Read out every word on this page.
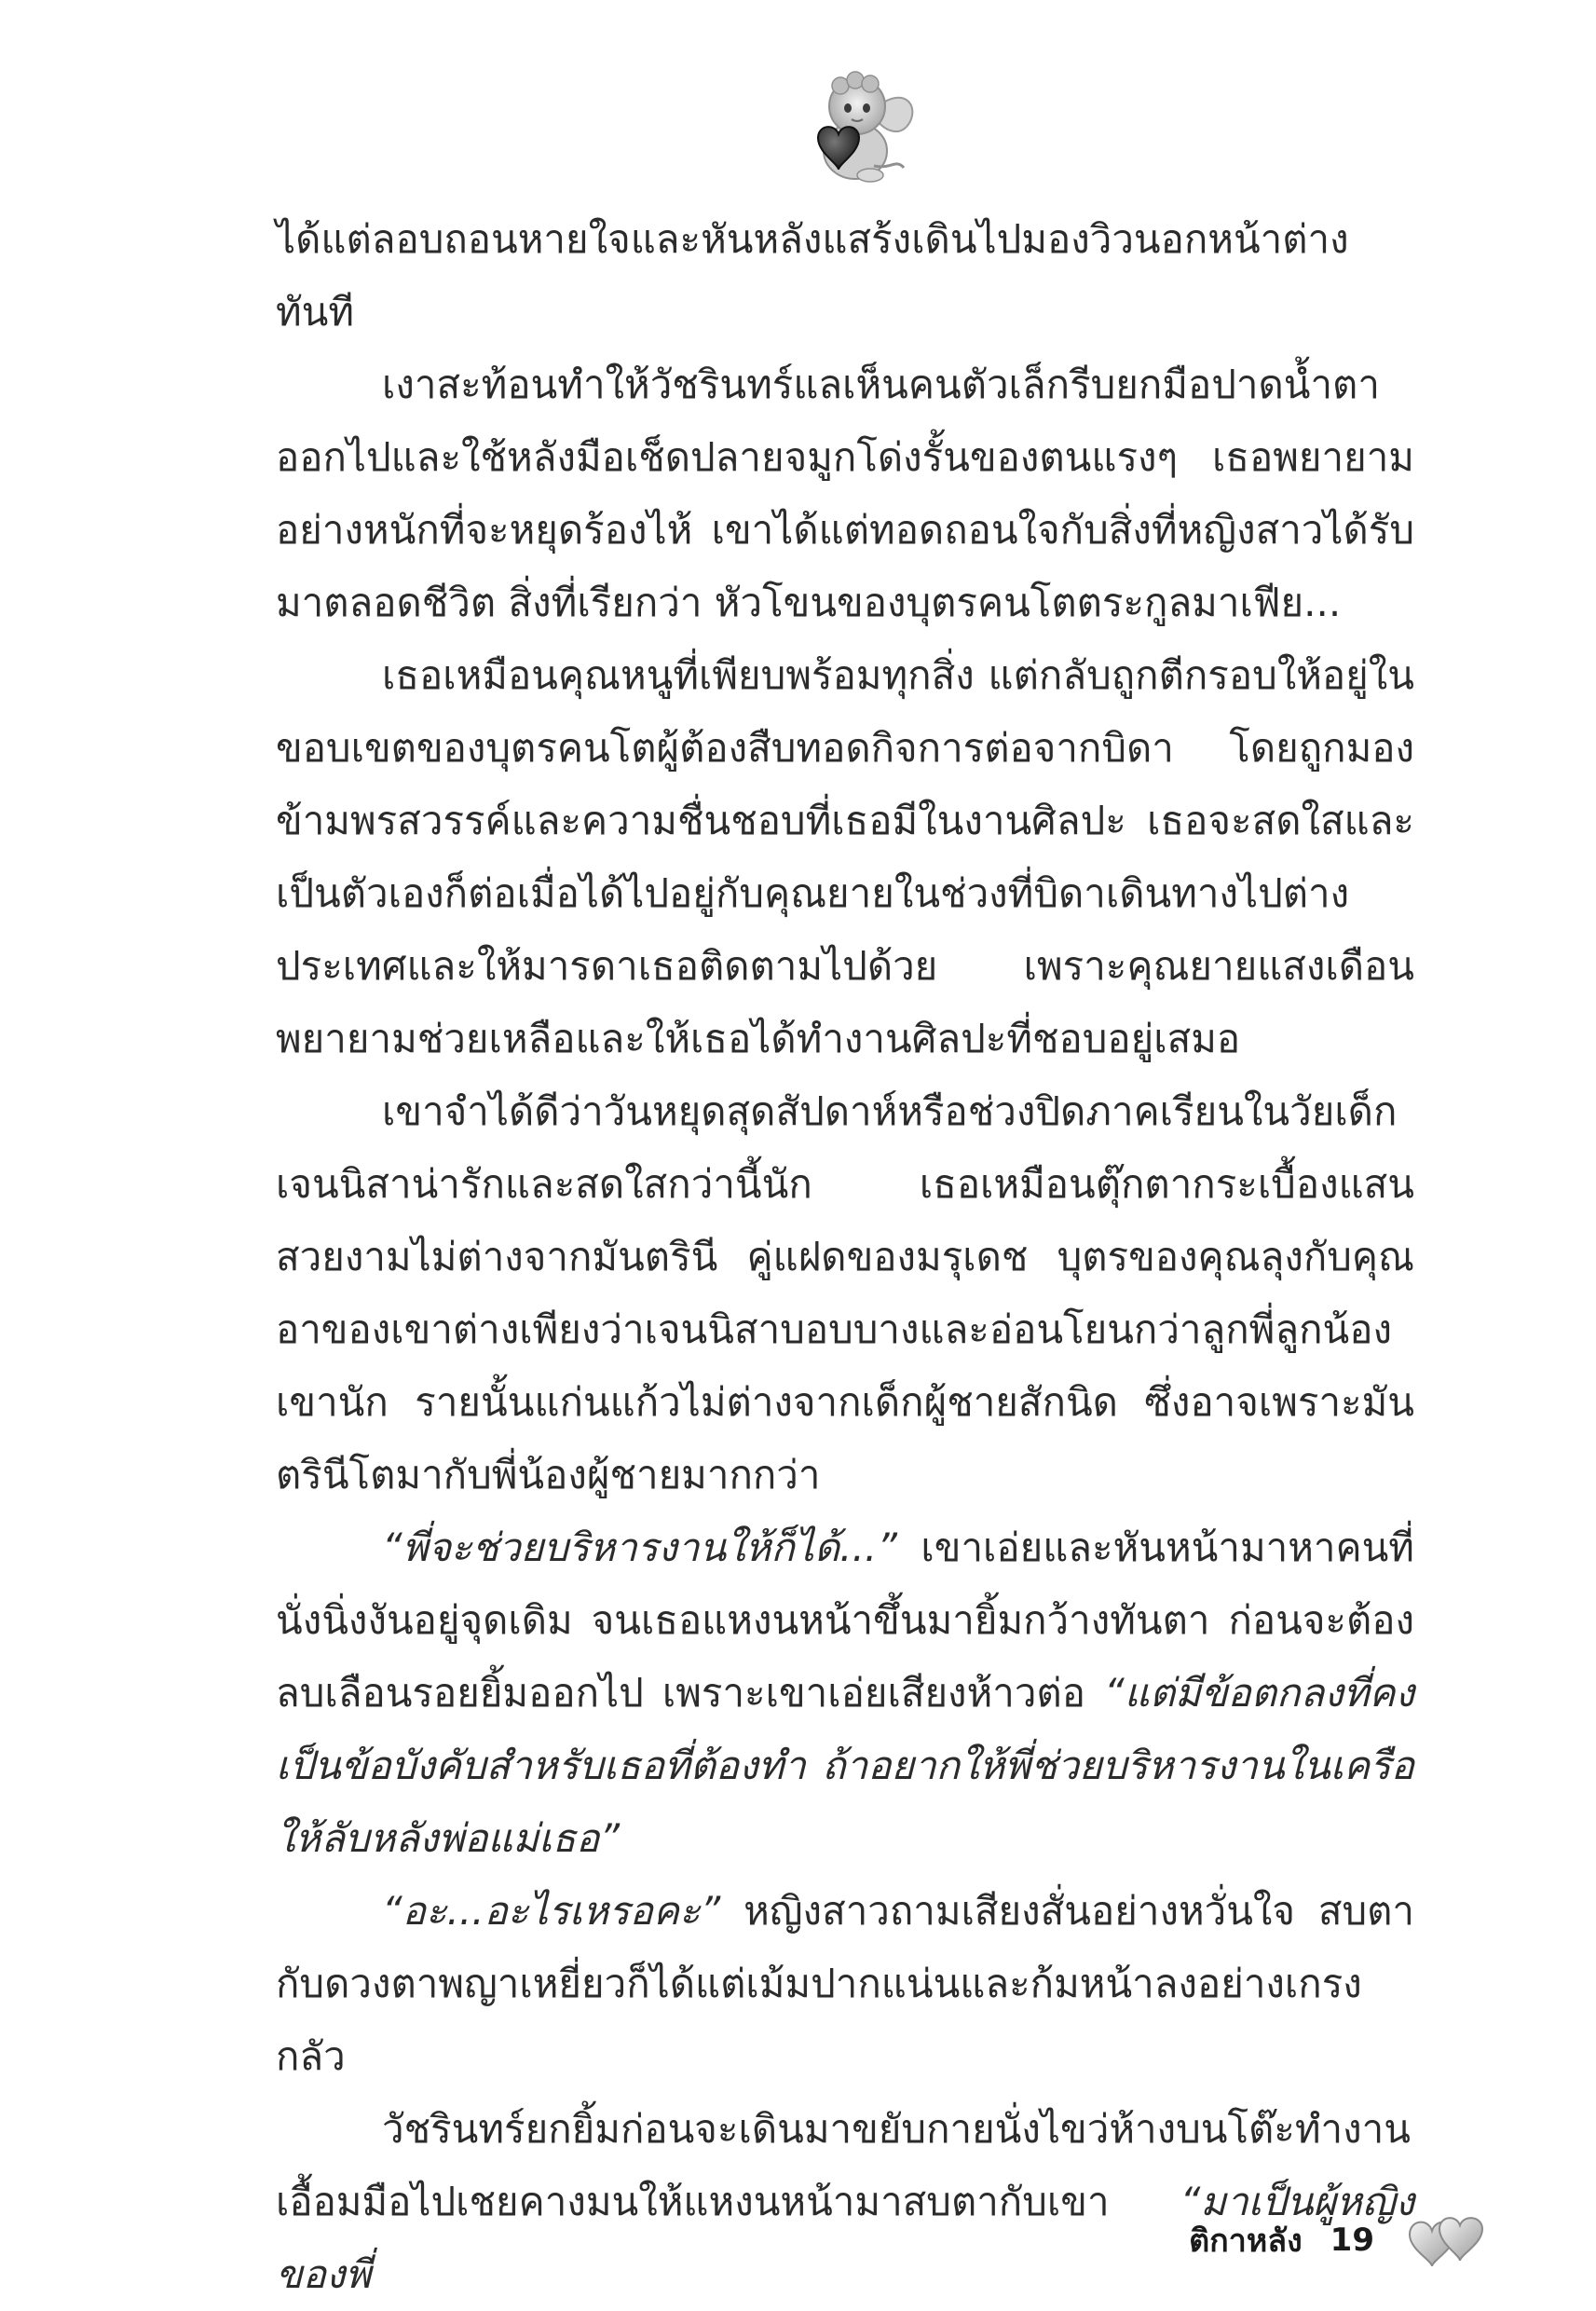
ได้แต่ลอบถอนหายใจและหันหลังแสร้งเดินไปมองวิวนอกหน้าต่างทันที

เงาสะท้อนทำให้วัชรินทร์แลเห็นคนตัวเล็กรีบยกมือปาดน้ำตาออกไปและใช้หลังมือเช็ดปลายจมูกโด่งรั้นของตนแรงๆ เธอพยายามอย่างหนักที่จะหยุดร้องไห้ เขาได้แต่ทอดถอนใจกับสิ่งที่หญิงสาวได้รับมาตลอดชีวิต สิ่งที่เรียกว่า หัวโขนของบุตรคนโตตระกูลมาเฟีย...

เธอเหมือนคุณหนูที่เพียบพร้อมทุกสิ่ง แต่กลับถูกตีกรอบให้อยู่ในขอบเขตของบุตรคนโตผู้ต้องสืบทอดกิจการต่อจากบิดา โดยถูกมองข้ามพรสวรรค์และความชื่นชอบที่เธอมีในงานศิลปะ เธอจะสดใสและเป็นตัวเองก็ต่อเมื่อได้ไปอยู่กับคุณยายในช่วงที่บิดาเดินทางไปต่างประเทศและให้มารดาเธอติดตามไปด้วย เพราะคุณยายแสงเดือนพยายามช่วยเหลือและให้เธอได้ทำงานศิลปะที่ชอบอยู่เสมอ

เขาจำได้ดีว่าวันหยุดสุดสัปดาห์หรือช่วงปิดภาคเรียนในวัยเด็กเจนนิสาน่ารักและสดใสกว่านี้นัก เธอเหมือนตุ๊กตากระเบื้องแสนสวยงามไม่ต่างจากมันตรินี คู่แฝดของมรุเดช บุตรของคุณลุงกับคุณอาของเขาต่างเพียงว่าเจนนิสาบอบบางและอ่อนโยนกว่าลูกพี่ลูกน้องเขานัก รายนั้นแก่นแก้วไม่ต่างจากเด็กผู้ชายสักนิด ซึ่งอาจเพราะมันตรินีโตมากับพี่น้องผู้ชายมากกว่า

“พี่จะช่วยบริหารงานให้ก็ได้...” เขาเอ่ยและหันหน้ามาหาคนที่นั่งนิ่งงันอยู่จุดเดิม จนเธอแหงนหน้าขึ้นมายิ้มกว้างทันตา ก่อนจะต้องลบเลือนรอยยิ้มออกไป เพราะเขาเอ่ยเสียงห้าวต่อ “แต่มีข้อตกลงที่คงเป็นข้อบังคับสำหรับเธอที่ต้องทำ ถ้าอยากให้พี่ช่วยบริหารงานในเครือให้ลับหลังพ่อแม่เธอ”

“อะ...อะไรเหรอคะ” หญิงสาวถามเสียงสั่นอย่างหวั่นใจ สบตากับดวงตาพญาเหยี่ยวก็ได้แต่เม้มปากแน่นและก้มหน้าลงอย่างเกรงกลัว

วัชรินทร์ยกยิ้มก่อนจะเดินมาขยับกายนั่งไขว่ห้างบนโต๊ะทำงานเอื้อมมือไปเชยคางมนให้แหงนหน้ามาสบตากับเขา “มาเป็นผู้หญิงของพี่

ติกาหลัง 19
